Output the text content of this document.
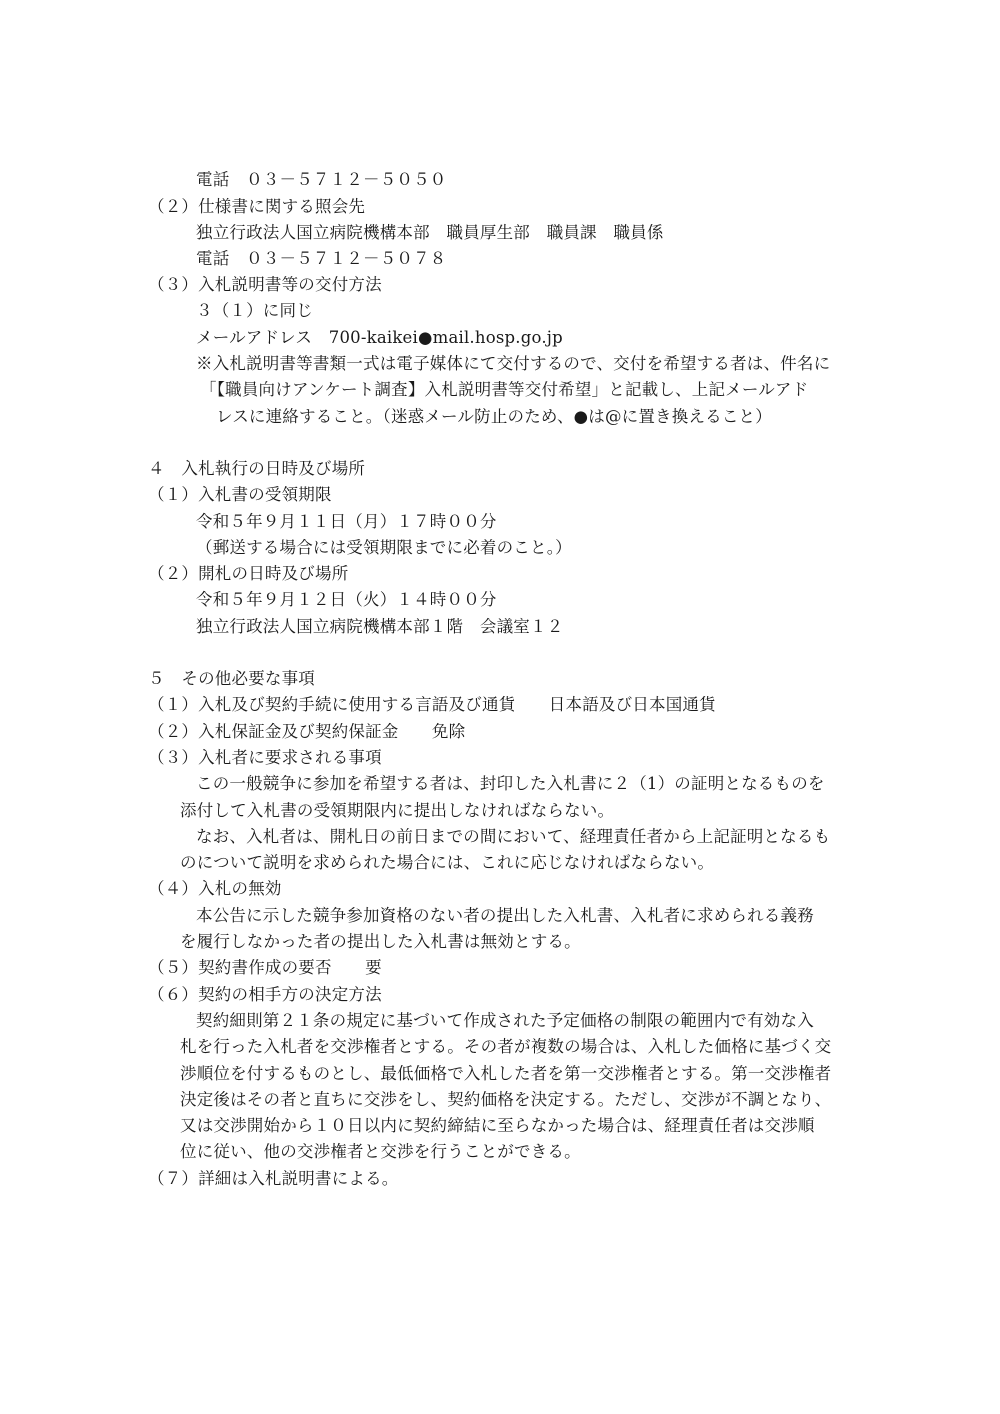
電話　０３－５７１２－５０５０
（２）仕様書に関する照会先
独立行政法人国立病院機構本部　職員厚生部　職員課　職員係
電話　０３－５７１２－５０７８
（３）入札説明書等の交付方法
３（１）に同じ
メールアドレス　700-kaikei●mail.hosp.go.jp
※入札説明書等書類一式は電子媒体にて交付するので、交付を希望する者は、件名に
「【職員向けアンケート調査】入札説明書等交付希望」と記載し、上記メールアド
レスに連絡すること。（迷惑メール防止のため、●は@に置き換えること）
４　入札執行の日時及び場所
（１）入札書の受領期限
令和５年９月１１日（月）１７時００分
（郵送する場合には受領期限までに必着のこと。）
（２）開札の日時及び場所
令和５年９月１２日（火）１４時００分
独立行政法人国立病院機構本部１階　会議室１２
５　その他必要な事項
（１）入札及び契約手続に使用する言語及び通貨　　日本語及び日本国通貨
（２）入札保証金及び契約保証金　　免除
（３）入札者に要求される事項
この一般競争に参加を希望する者は、封印した入札書に２（1）の証明となるものを
添付して入札書の受領期限内に提出しなければならない。
なお、入札者は、開札日の前日までの間において、経理責任者から上記証明となるも
のについて説明を求められた場合には、これに応じなければならない。
（４）入札の無効
本公告に示した競争参加資格のない者の提出した入札書、入札者に求められる義務
を履行しなかった者の提出した入札書は無効とする。
（５）契約書作成の要否　　要
（６）契約の相手方の決定方法
契約細則第２１条の規定に基づいて作成された予定価格の制限の範囲内で有効な入
札を行った入札者を交渉権者とする。その者が複数の場合は、入札した価格に基づく交
渉順位を付するものとし、最低価格で入札した者を第一交渉権者とする。第一交渉権者
決定後はその者と直ちに交渉をし、契約価格を決定する。ただし、交渉が不調となり、
又は交渉開始から１０日以内に契約締結に至らなかった場合は、経理責任者は交渉順
位に従い、他の交渉権者と交渉を行うことができる。
（７）詳細は入札説明書による。
